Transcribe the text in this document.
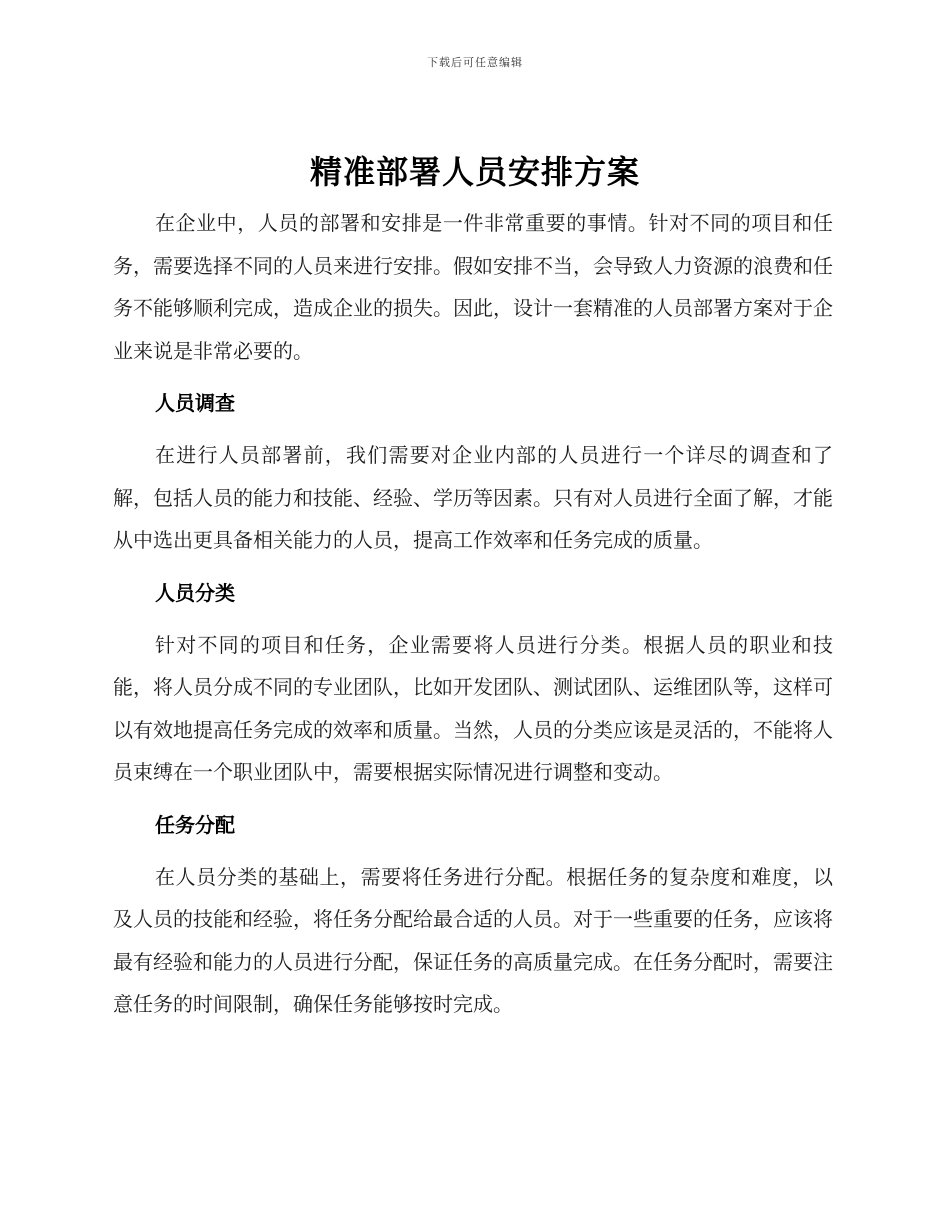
下载后可任意编辑
精准部署人员安排方案

在企业中，人员的部署和安排是一件非常重要的事情。针对不同的项目和任务，需要选择不同的人员来进行安排。假如安排不当，会导致人力资源的浪费和任务不能够顺利完成，造成企业的损失。因此，设计一套精准的人员部署方案对于企业来说是非常必要的。

人员调查

在进行人员部署前，我们需要对企业内部的人员进行一个详尽的调查和了解，包括人员的能力和技能、经验、学历等因素。只有对人员进行全面了解，才能从中选出更具备相关能力的人员，提高工作效率和任务完成的质量。

人员分类

针对不同的项目和任务，企业需要将人员进行分类。根据人员的职业和技能，将人员分成不同的专业团队，比如开发团队、测试团队、运维团队等，这样可以有效地提高任务完成的效率和质量。当然，人员的分类应该是灵活的，不能将人员束缚在一个职业团队中，需要根据实际情况进行调整和变动。

任务分配

在人员分类的基础上，需要将任务进行分配。根据任务的复杂度和难度，以及人员的技能和经验，将任务分配给最合适的人员。对于一些重要的任务，应该将最有经验和能力的人员进行分配，保证任务的高质量完成。在任务分配时，需要注意任务的时间限制，确保任务能够按时完成。
